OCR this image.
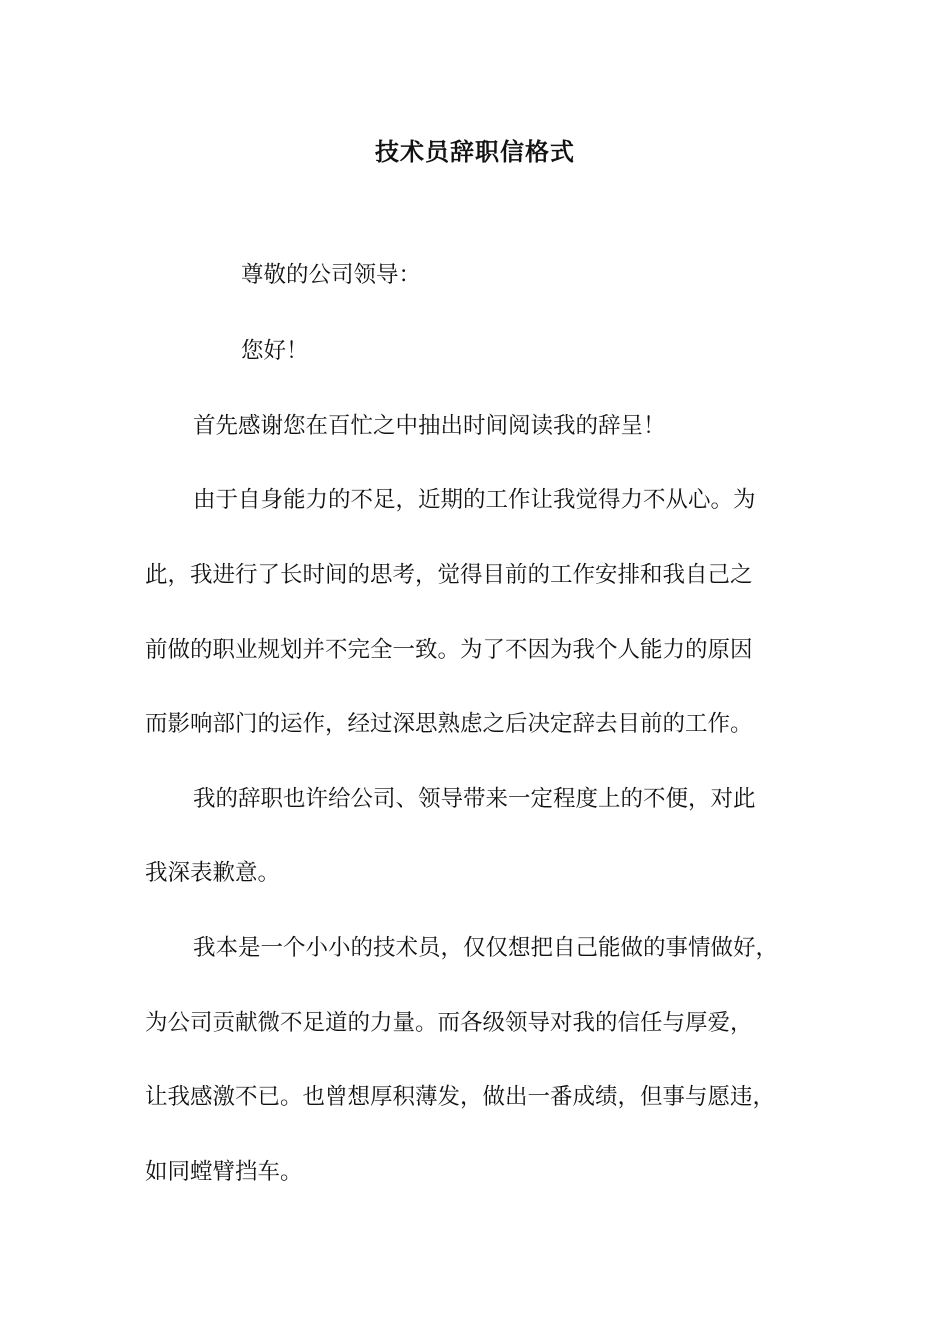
技术员辞职信格式
尊敬的公司领导：
您好！
首先感谢您在百忙之中抽出时间阅读我的辞呈！
由于自身能力的不足，近期的工作让我觉得力不从心。为
此，我进行了长时间的思考，觉得目前的工作安排和我自己之
前做的职业规划并不完全一致。为了不因为我个人能力的原因
而影响部门的运作，经过深思熟虑之后决定辞去目前的工作。
我的辞职也许给公司、领导带来一定程度上的不便，对此
我深表歉意。
我本是一个小小的技术员，仅仅想把自己能做的事情做好，
为公司贡献微不足道的力量。而各级领导对我的信任与厚爱，
让我感激不已。也曾想厚积薄发，做出一番成绩，但事与愿违，
如同螳臂挡车。
